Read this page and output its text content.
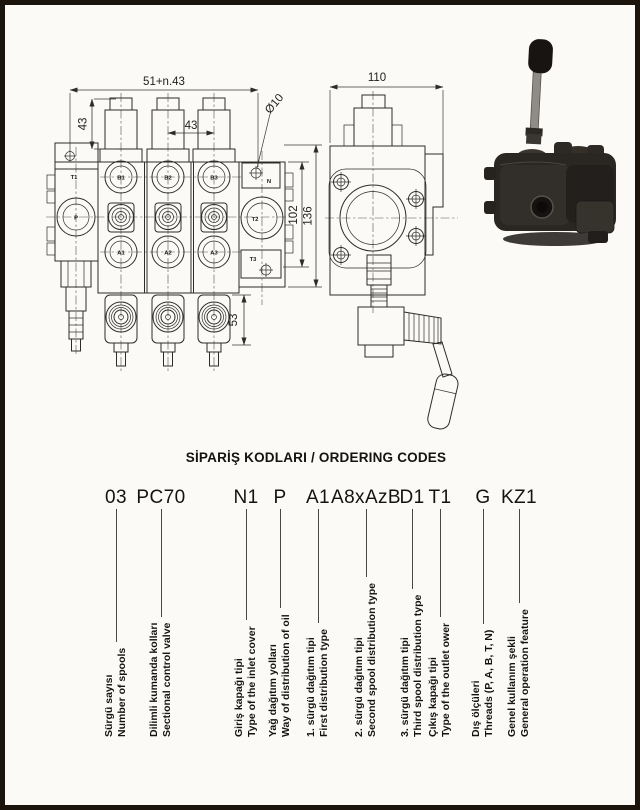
T1
P
N
T2
T3
B1	B2	B3
A1	A2	A3
51+n.43
43	43
Ø10
53
102 136
110
SİPARİŞ KODLARI / ORDERING CODES
03
Sürgü sayısı Number of spools
PC70
Dilimli kumanda kolları Sectional control valve
N1
Giriş kapağı tipi Type of the inlet cover
P
Yağ dağıtım yolları Way of distribution of oil
A1
1. sürgü dağıtım tipi First distribution type
A8xAzB
2. sürgü dağıtım tipi Second spool distribution type
D1
3. sürgü dağıtım tipi Third spool distribution type
T1
Çıkış kapağı tipi Type of the outlet ower
G
Dış ölçüleri Threads (P, A, B, T, N)
KZ1
Genel kullanım şekli General operation feature
